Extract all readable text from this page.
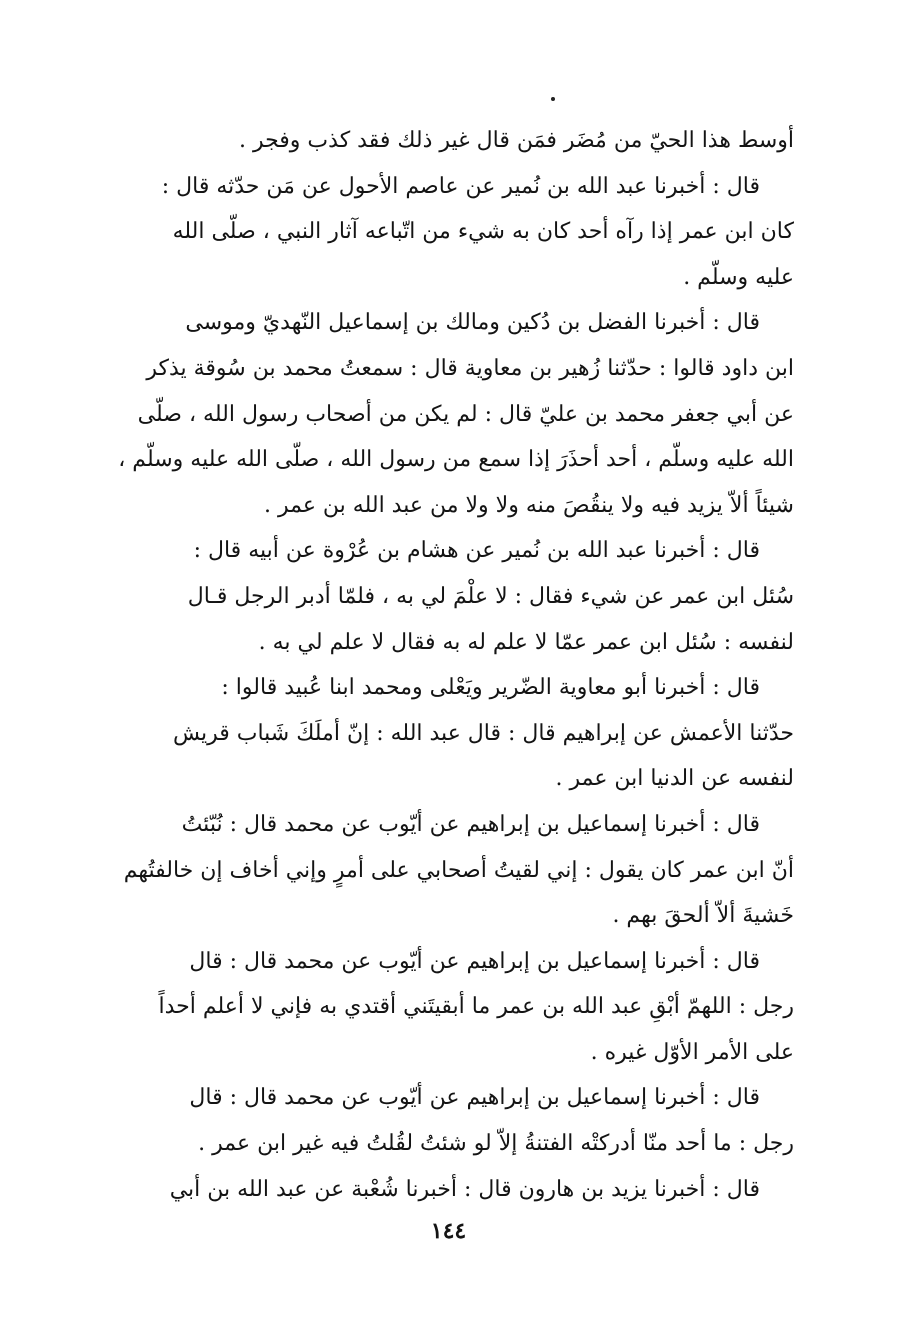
أوسط هذا الحيّ من مُضَر فمَن قال غير ذلك فقد كذب وفجر .
قال : أخبرنا عبد الله بن نُمير عن عاصم الأحول عن مَن حدّثه قال :
كان ابن عمر إذا رآه أحد كان به شيء من اتّباعه آثار النبي ، صلّى الله
عليه وسلّم .
قال : أخبرنا الفضل بن دُكين ومالك بن إسماعيل النّهديّ وموسى
ابن داود قالوا : حدّثنا زُهير بن معاوية قال : سمعتُ محمد بن سُوقة يذكر
عن أبي جعفر محمد بن عليّ قال : لم يكن من أصحاب رسول الله ، صلّى
الله عليه وسلّم ، أحد أحذَرَ إذا سمع من رسول الله ، صلّى الله عليه وسلّم ،
شيئاً ألاّ يزيد فيه ولا ينقُصَ منه ولا ولا من عبد الله بن عمر .
قال : أخبرنا عبد الله بن نُمير عن هشام بن عُرْوة عن أبيه قال :
سُئل ابن عمر عن شيء فقال : لا علْمَ لي به ، فلمّا أدبر الرجل قـال
لنفسه : سُئل ابن عمر عمّا لا علم له به فقال لا علم لي به .
قال : أخبرنا أبو معاوية الضّرير ويَعْلى ومحمد ابنا عُبيد قالوا :
حدّثنا الأعمش عن إبراهيم قال : قال عبد الله : إنّ أملَكَ شَباب قريش
لنفسه عن الدنيا ابن عمر .
قال : أخبرنا إسماعيل بن إبراهيم عن أيّوب عن محمد قال : نُبّئتُ
أنّ ابن عمر كان يقول : إني لقيتُ أصحابي على أمرٍ وإني أخاف إن خالفتُهم
خَشيةَ ألاّ ألحقَ بهم .
قال : أخبرنا إسماعيل بن إبراهيم عن أيّوب عن محمد قال : قال
رجل : اللهمّ أبْقِ عبد الله بن عمر ما أبقيتَني أقتدي به فإني لا أعلم أحداً
على الأمر الأوّل غيره .
قال : أخبرنا إسماعيل بن إبراهيم عن أيّوب عن محمد قال : قال
رجل : ما أحد منّا أدركتْه الفتنةُ إلاّ لو شئتُ لقُلتُ فيه غير ابن عمر .
قال : أخبرنا يزيد بن هارون قال : أخبرنا شُعْبة عن عبد الله بن أبي
١٤٤
